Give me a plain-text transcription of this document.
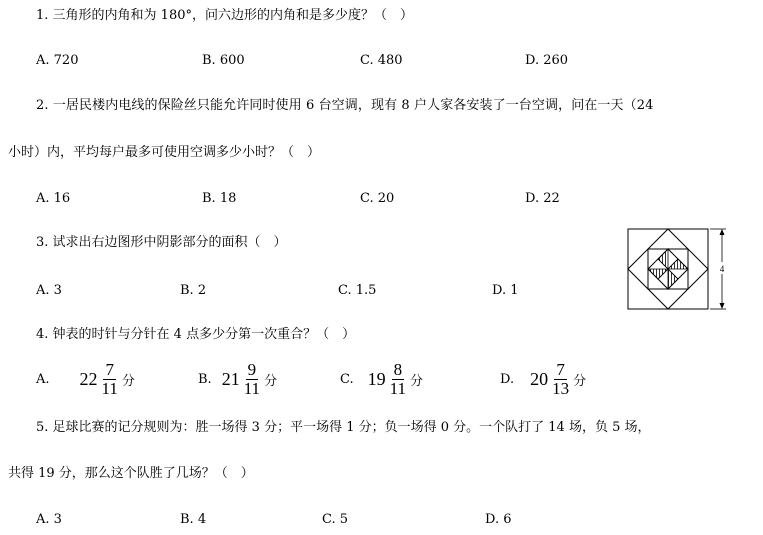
1. 三角形的内角和为 180°，问六边形的内角和是多少度？（　）
A. 720	B. 600	C. 480	D. 260
2. 一居民楼内电线的保险丝只能允许同时使用 6 台空调，现有 8 户人家各安装了一台空调，问在一天（24
小时）内，平均每户最多可使用空调多少小时？（　）
A. 16	B. 18	C. 20	D. 22
3. 试求出右边图形中阴影部分的面积（　）
A. 3	B. 2	C. 1.5	D. 1
4
4. 钟表的时针与分针在 4 点多少分第一次重合？（　）
A. $22 \frac{7}{11}$ 分	B. $21 \frac{9}{11}$ 分	C. $19 \frac{8}{11}$ 分	D. $20 \frac{7}{13}$ 分
5. 足球比赛的记分规则为：胜一场得 3 分；平一场得 1 分；负一场得 0 分。一个队打了 14 场，负 5 场，
共得 19 分，那么这个队胜了几场？（　）
A. 3	B. 4	C. 5	D. 6
